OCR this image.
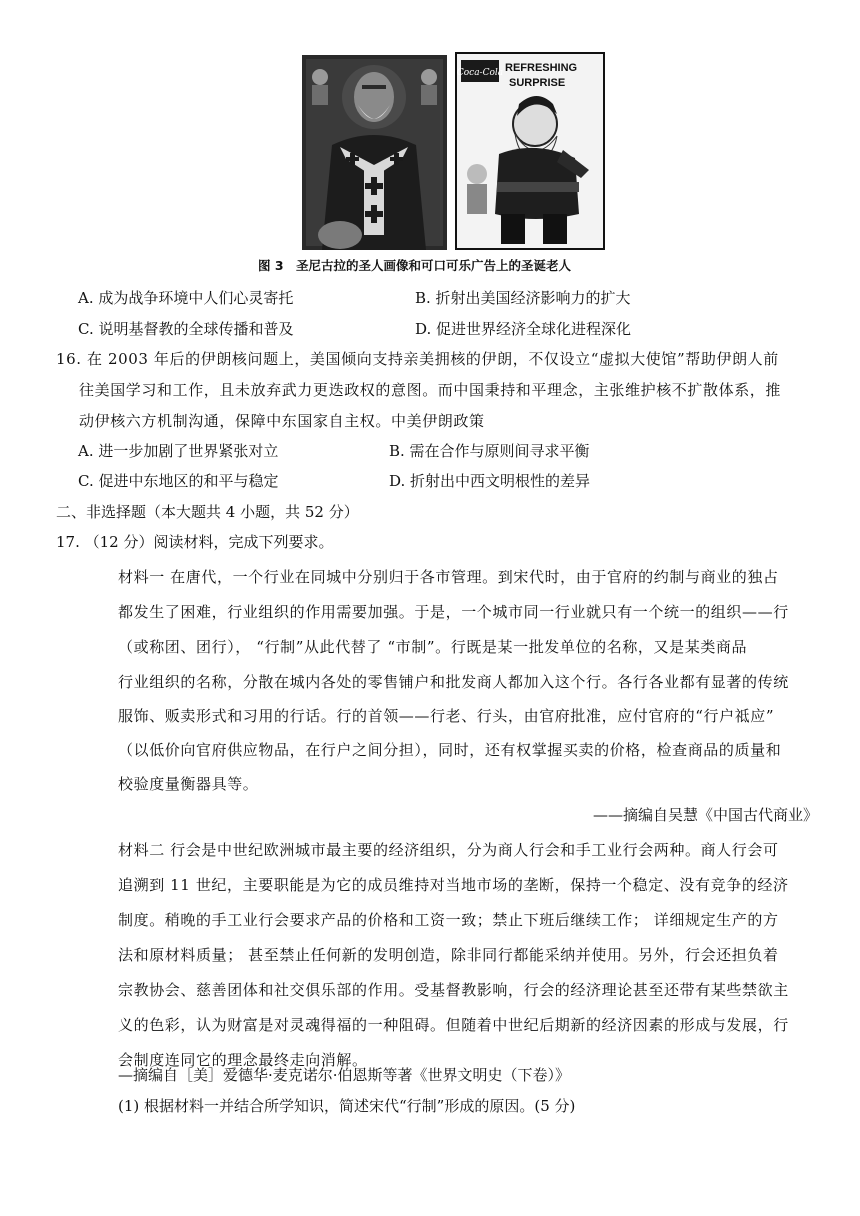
Coca-Cola REFRESHING
SURPRISE
图 3　圣尼古拉的圣人画像和可口可乐广告上的圣诞老人
A. 成为战争环境中人们心灵寄托	B. 折射出美国经济影响力的扩大
C. 说明基督教的全球传播和普及	D. 促进世界经济全球化进程深化
16. 在 2003 年后的伊朗核问题上，美国倾向支持亲美拥核的伊朗，不仅设立“虚拟大使馆”帮助伊朗人前
往美国学习和工作，且未放弃武力更迭政权的意图。而中国秉持和平理念，主张维护核不扩散体系，推
动伊核六方机制沟通，保障中东国家自主权。中美伊朗政策
A. 进一步加剧了世界紧张对立	B. 需在合作与原则间寻求平衡
C. 促进中东地区的和平与稳定	D. 折射出中西文明根性的差异
二、非选择题（本大题共 4 小题，共 52 分）
17. （12 分）阅读材料，完成下列要求。
材料一 在唐代，一个行业在同城中分别归于各市管理。到宋代时，由于官府的约制与商业的独占
都发生了困难，行业组织的作用需要加强。于是，一个城市同一行业就只有一个统一的组织——行
（或称团、团行）， “行制”从此代替了 “市制”。行既是某一批发单位的名称，又是某类商品
行业组织的名称，分散在城内各处的零售铺户和批发商人都加入这个行。各行各业都有显著的传统
服饰、贩卖形式和习用的行话。行的首领——行老、行头，由官府批准，应付官府的“行户祗应”
（以低价向官府供应物品，在行户之间分担），同时，还有权掌握买卖的价格，检查商品的质量和
校验度量衡器具等。
——摘编自吴慧《中国古代商业》
材料二 行会是中世纪欧洲城市最主要的经济组织，分为商人行会和手工业行会两种。商人行会可
追溯到 11 世纪，主要职能是为它的成员维持对当地市场的垄断，保持一个稳定、没有竞争的经济
制度。稍晚的手工业行会要求产品的价格和工资一致；禁止下班后继续工作； 详细规定生产的方
法和原材料质量； 甚至禁止任何新的发明创造，除非同行都能采纳并使用。另外，行会还担负着
宗教协会、慈善团体和社交俱乐部的作用。受基督教影响，行会的经济理论甚至还带有某些禁欲主
义的色彩，认为财富是对灵魂得福的一种阻碍。但随着中世纪后期新的经济因素的形成与发展，行
会制度连同它的理念最终走向消解。
—摘编自［美］爱德华·麦克诺尔·伯恩斯等著《世界文明史（下卷）》
(1) 根据材料一并结合所学知识，简述宋代“行制”形成的原因。(5 分)
